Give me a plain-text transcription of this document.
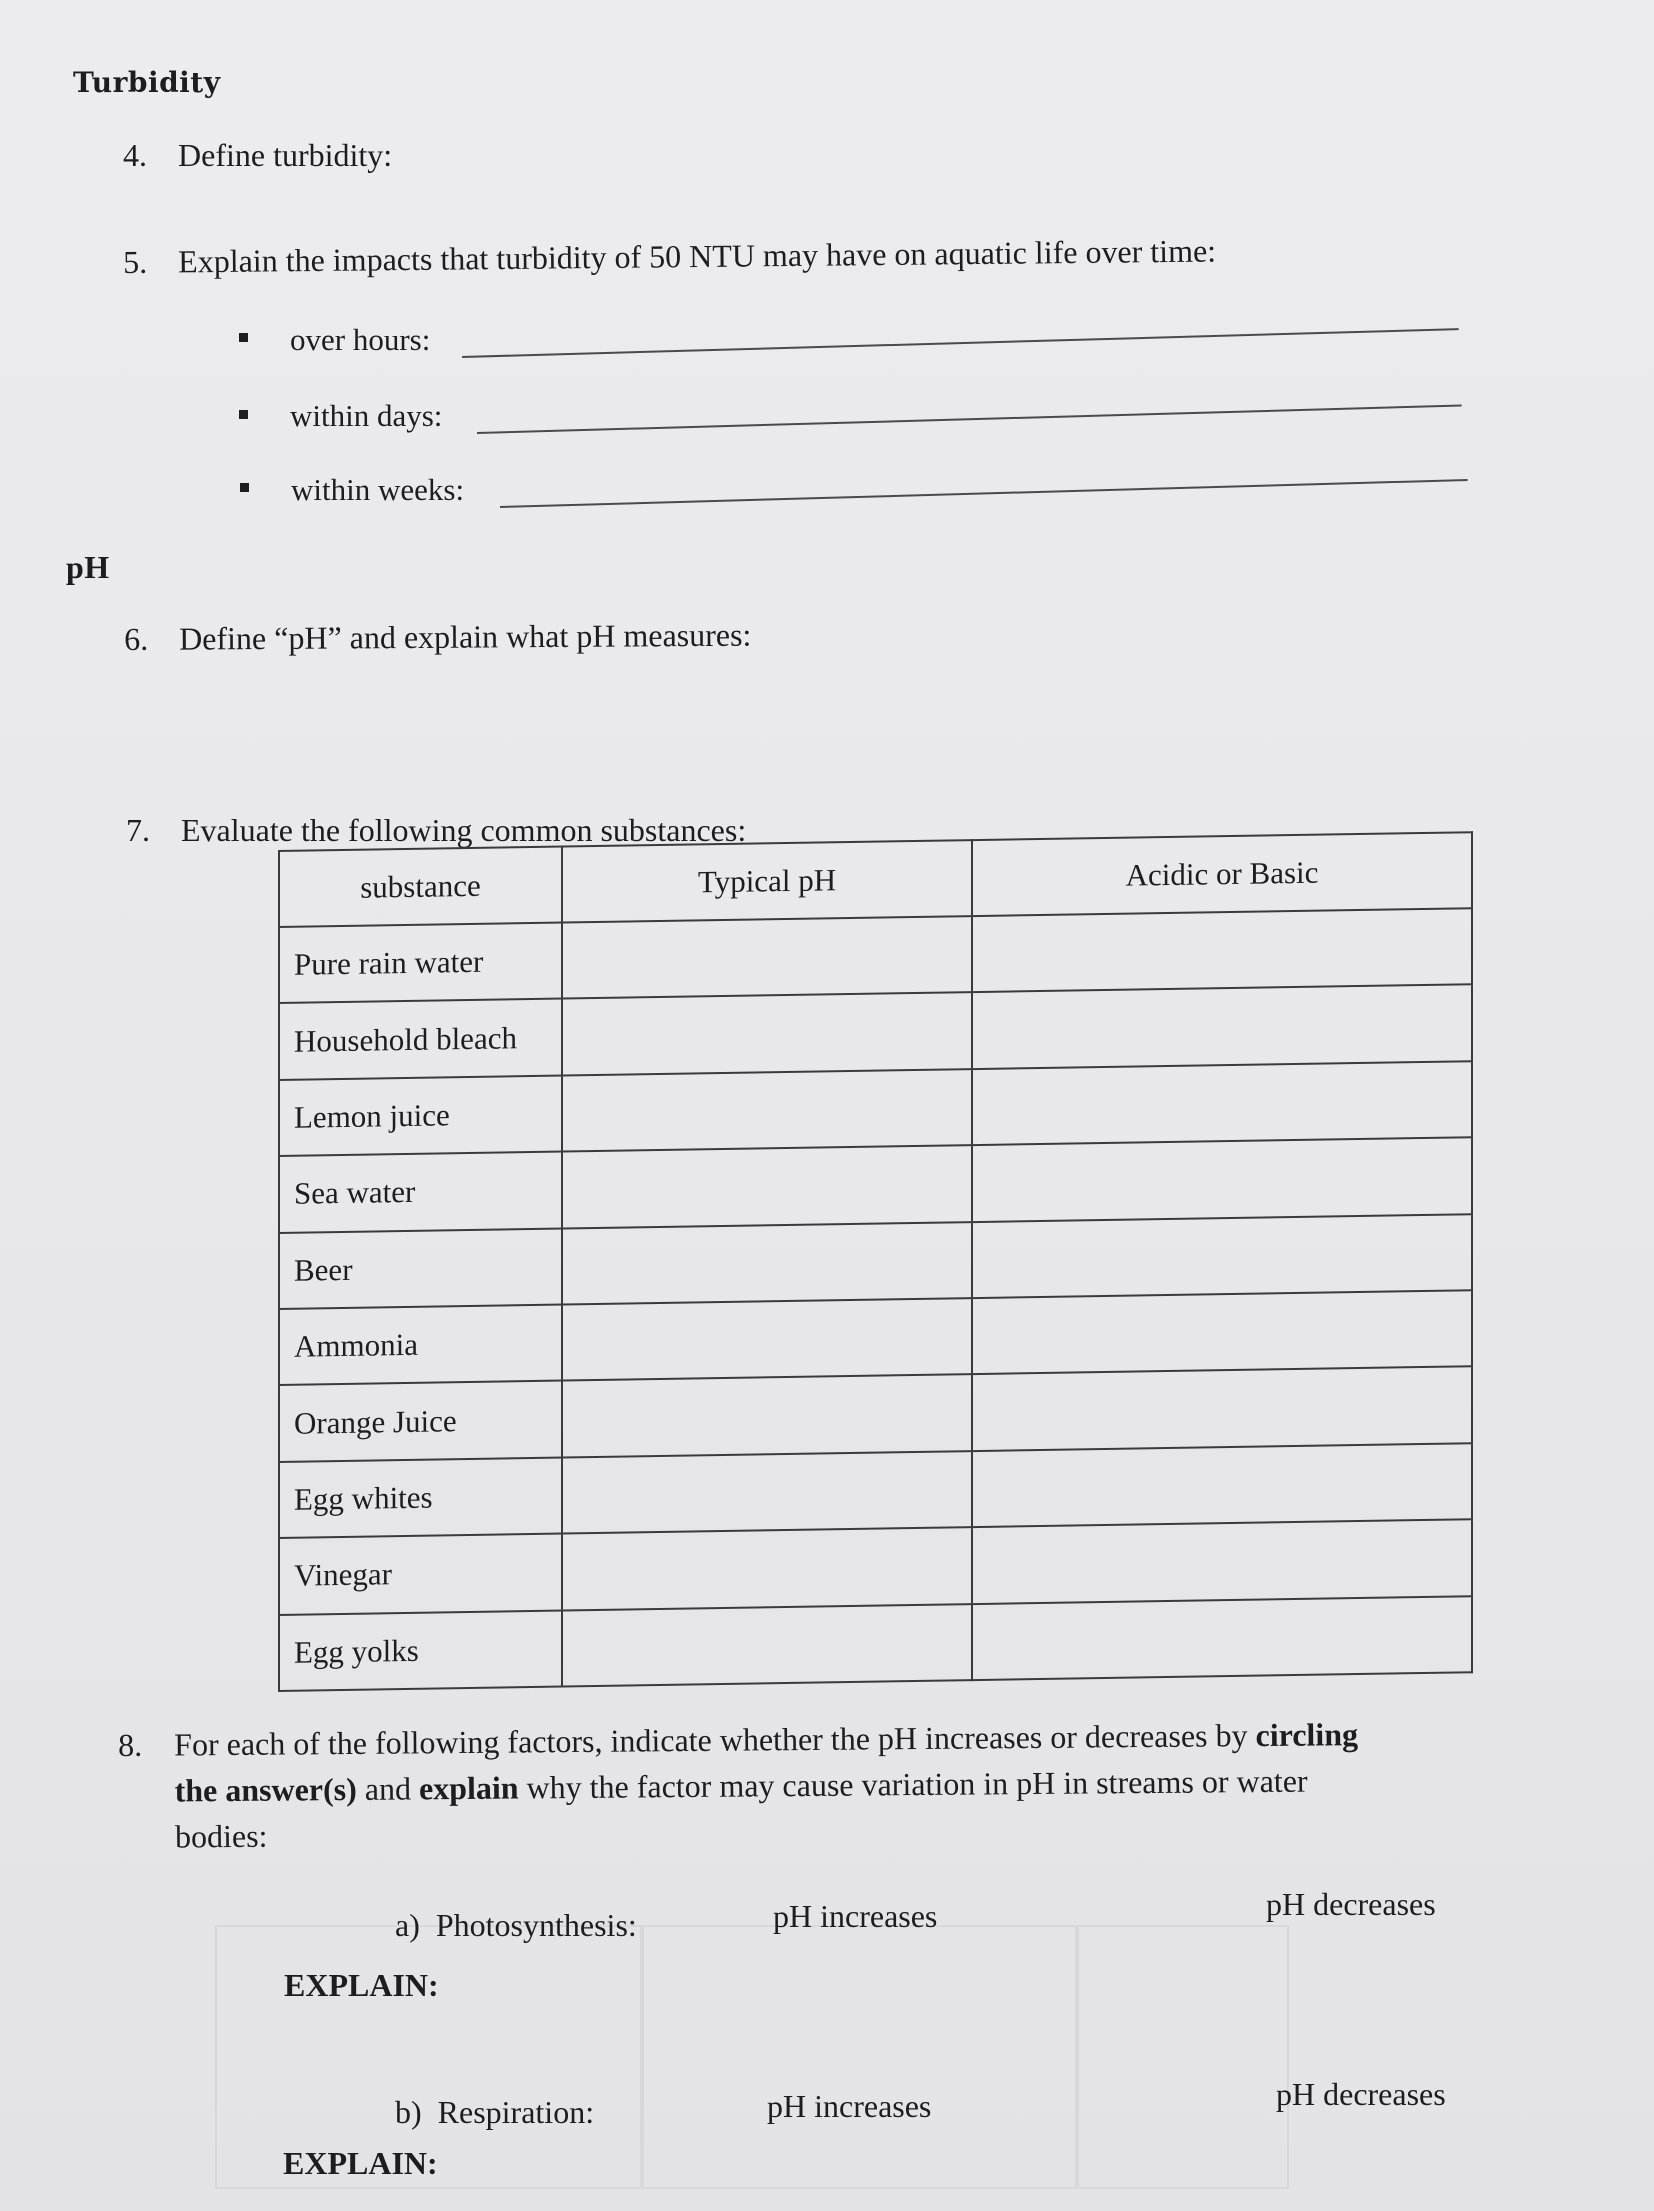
Turbidity
4. Define turbidity:
5. Explain the impacts that turbidity of 50 NTU may have on aquatic life over time:
over hours:
within days:
within weeks:
pH
6. Define “pH” and explain what pH measures:
7. Evaluate the following common substances:
substance	Typical pH	Acidic or Basic
Pure rain water		
Household bleach		
Lemon juice		
Sea water		
Beer		
Ammonia		
Orange Juice		
Egg whites		
Vinegar		
Egg yolks		
8. For each of the following factors, indicate whether the pH increases or decreases by circling
the answer(s) and explain why the factor may cause variation in pH in streams or water
bodies:
a) Photosynthesis:	pH increases	pH decreases
EXPLAIN:
b) Respiration:	pH increases	pH decreases
EXPLAIN:
